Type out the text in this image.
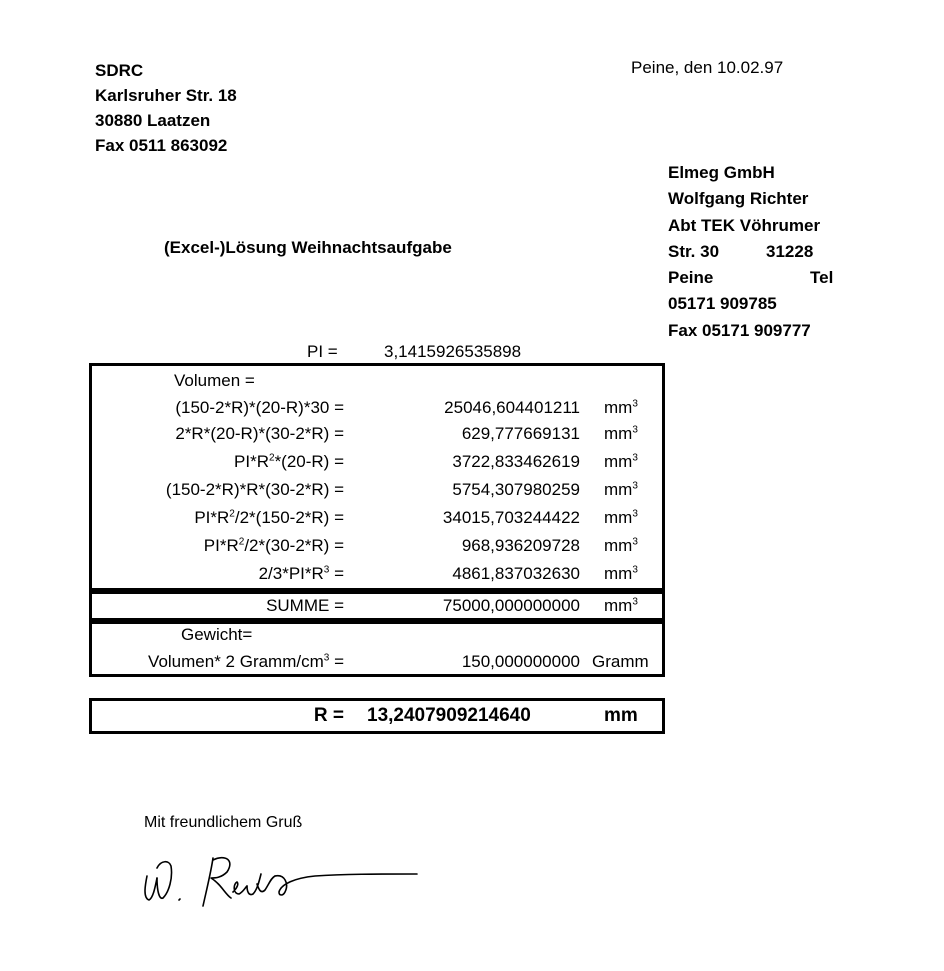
SDRC
Karlsruher Str. 18
30880 Laatzen
Fax 0511 863092
Peine, den 10.02.97
Elmeg GmbH
Wolfgang Richter
Abt TEK Vöhrumer
Str. 30	31228
Peine	Tel
05171 909785
Fax 05171 909777
(Excel-)Lösung Weihnachtsaufgabe
PI =	3,1415926535898
Volumen =
(150-2*R)*(20-R)*30 =	25046,604401211 $mm^3$
2*R*(20-R)*(30-2*R) =	629,777669131 $mm^3$
$PI*R^2*(20-R)$ =	3722,833462619 $mm^3$
(150-2*R)*R*(30-2*R) =	5754,307980259 $mm^3$
$PI*R^2/2*(150-2*R)$ =	34015,703244422 $mm^3$
$PI*R^2/2*(30-2*R)$ =	968,936209728 $mm^3$
$2/3*PI*R^3$ =	4861,837032630 $mm^3$
SUMME =	75000,000000000 $mm^3$
Gewicht=
Volumen* 2 Gramm/$cm^3$ =	150,000000000 Gramm
R = 13,2407909214640	mm
Mit freundlichem Gruß
